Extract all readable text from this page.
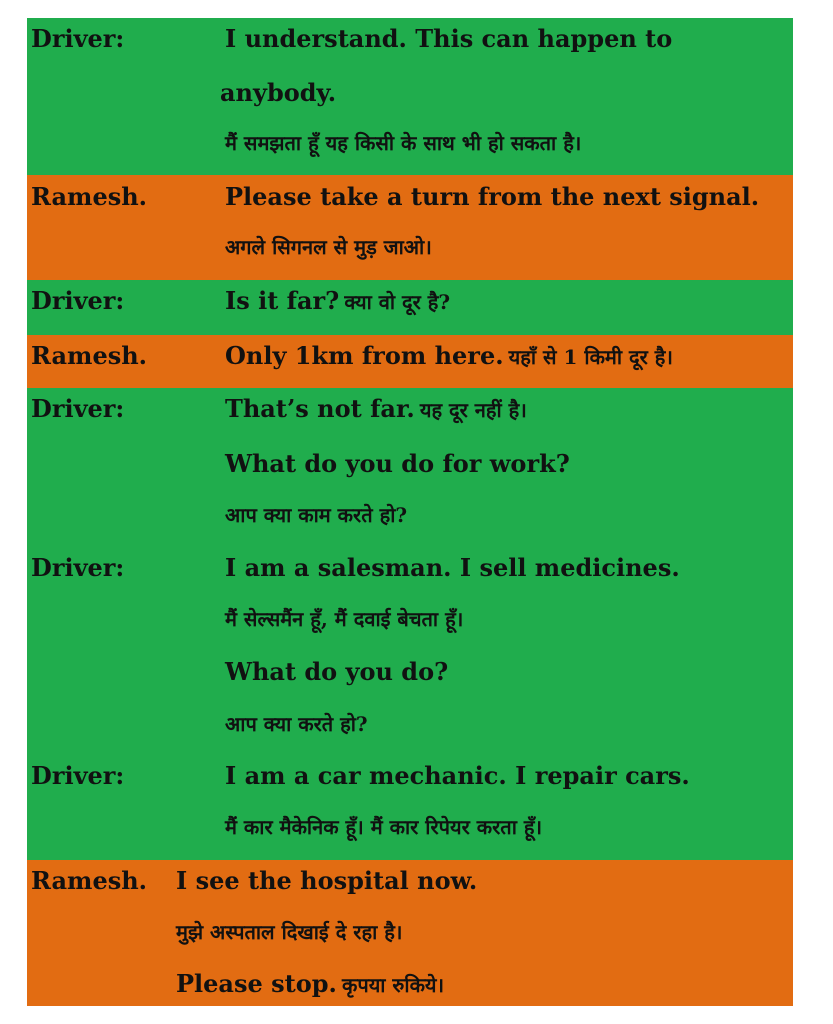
Driver:	I understand. This can happen to
anybody.
मैं समझता हूँ यह किसी के साथ भी हो सकता है।
Ramesh.	Please take a turn from the next signal.
अगले सिगनल से मुड़ जाओ।
Driver:	Is it far? क्या वो दूर है?
Ramesh.	Only 1km from here. यहाँ से 1 किमी दूर है।
Driver:	That’s not far. यह दूर नहीं है।
What do you do for work?
आप क्या काम करते हो?
Driver:	I am a salesman. I sell medicines.
मैं सेल्समैंन हूँ, मैं दवाई बेचता हूँ।
What do you do?
आप क्या करते हो?
Driver:	I am a car mechanic. I repair cars.
मैं कार मैकेनिक हूँ। मैं कार रिपेयर करता हूँ।
Ramesh. I see the hospital now.
मुझे अस्पताल दिखाई दे रहा है।
Please stop. कृपया रुकिये।
